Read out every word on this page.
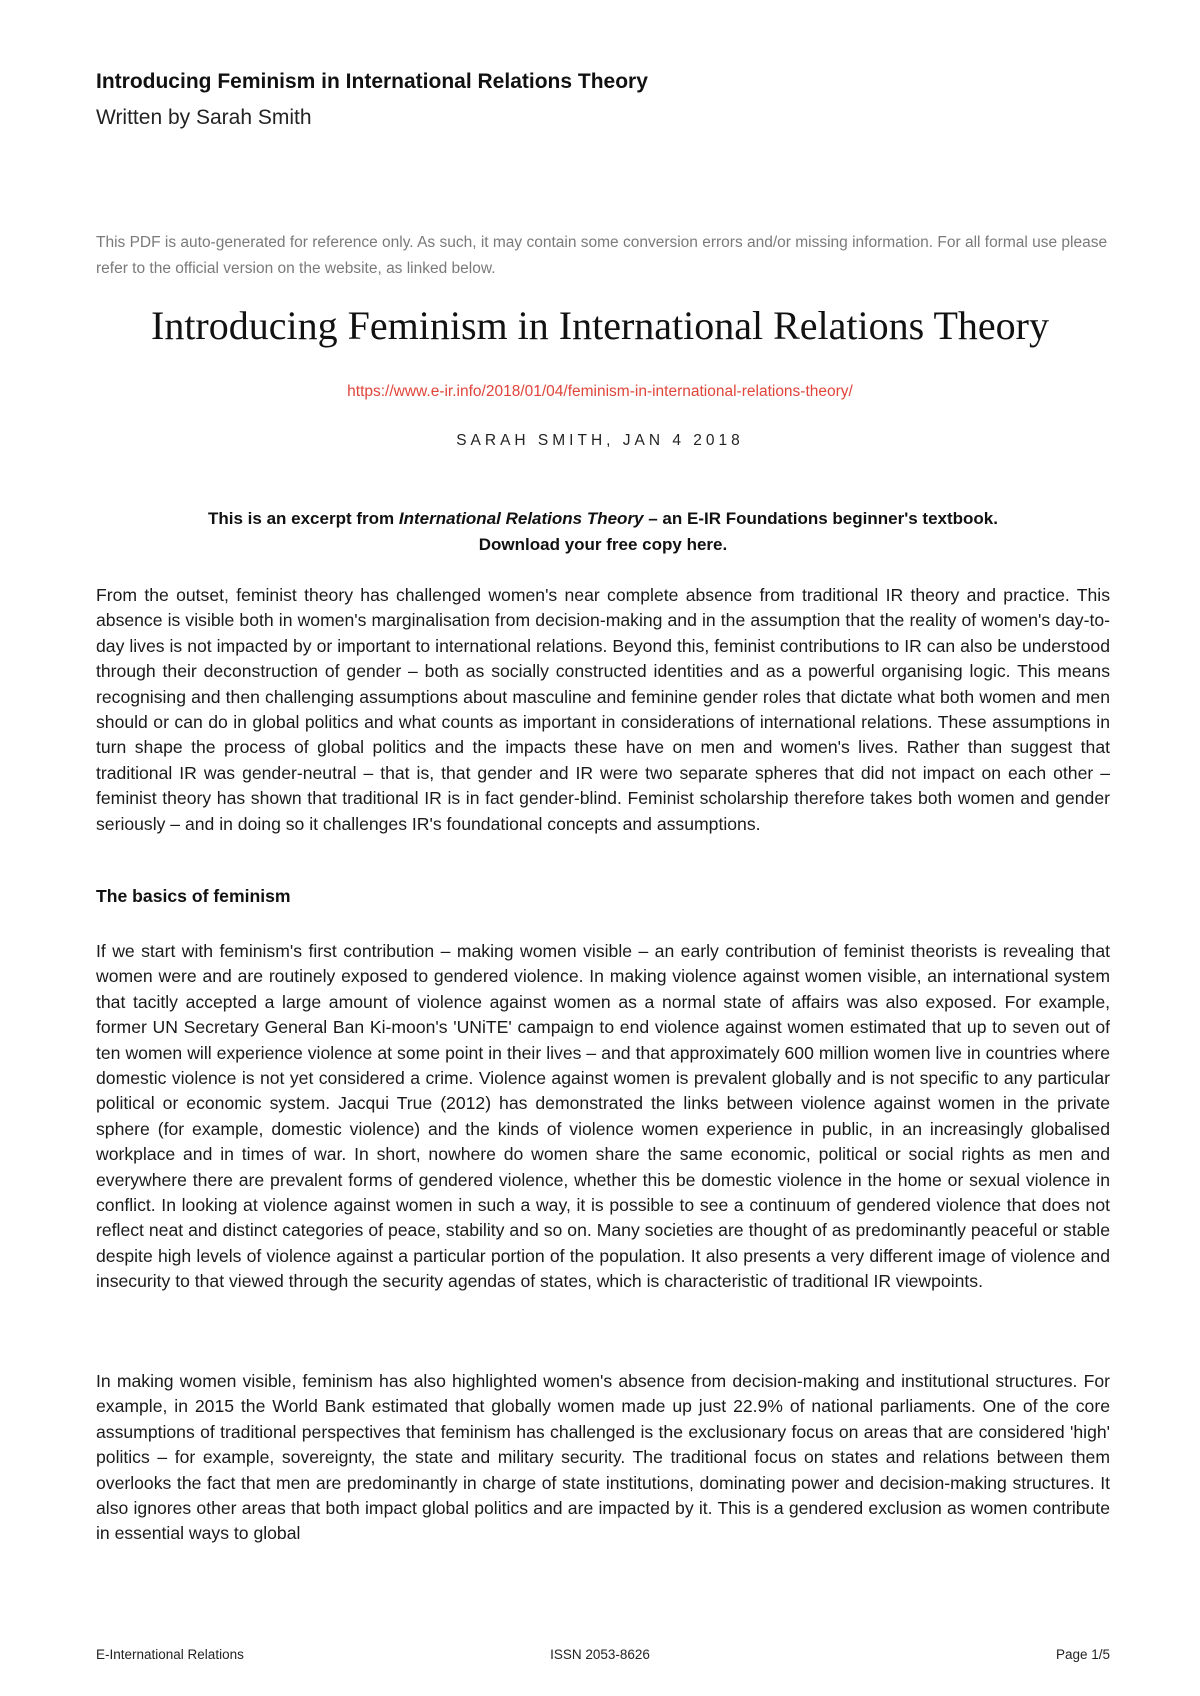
Introducing Feminism in International Relations Theory
Written by Sarah Smith
This PDF is auto-generated for reference only. As such, it may contain some conversion errors and/or missing information. For all formal use please refer to the official version on the website, as linked below.
Introducing Feminism in International Relations Theory
https://www.e-ir.info/2018/01/04/feminism-in-international-relations-theory/
SARAH SMITH, JAN 4 2018
This is an excerpt from International Relations Theory – an E-IR Foundations beginner's textbook.
Download your free copy here.

From the outset, feminist theory has challenged women's near complete absence from traditional IR theory and practice. This absence is visible both in women's marginalisation from decision-making and in the assumption that the reality of women's day-to-day lives is not impacted by or important to international relations. Beyond this, feminist contributions to IR can also be understood through their deconstruction of gender – both as socially constructed identities and as a powerful organising logic. This means recognising and then challenging assumptions about masculine and feminine gender roles that dictate what both women and men should or can do in global politics and what counts as important in considerations of international relations. These assumptions in turn shape the process of global politics and the impacts these have on men and women's lives. Rather than suggest that traditional IR was gender-neutral – that is, that gender and IR were two separate spheres that did not impact on each other – feminist theory has shown that traditional IR is in fact gender-blind. Feminist scholarship therefore takes both women and gender seriously – and in doing so it challenges IR's foundational concepts and assumptions.

The basics of feminism

If we start with feminism's first contribution – making women visible – an early contribution of feminist theorists is revealing that women were and are routinely exposed to gendered violence. In making violence against women visible, an international system that tacitly accepted a large amount of violence against women as a normal state of affairs was also exposed. For example, former UN Secretary General Ban Ki-moon's 'UNiTE' campaign to end violence against women estimated that up to seven out of ten women will experience violence at some point in their lives – and that approximately 600 million women live in countries where domestic violence is not yet considered a crime. Violence against women is prevalent globally and is not specific to any particular political or economic system. Jacqui True (2012) has demonstrated the links between violence against women in the private sphere (for example, domestic violence) and the kinds of violence women experience in public, in an increasingly globalised workplace and in times of war. In short, nowhere do women share the same economic, political or social rights as men and everywhere there are prevalent forms of gendered violence, whether this be domestic violence in the home or sexual violence in conflict. In looking at violence against women in such a way, it is possible to see a continuum of gendered violence that does not reflect neat and distinct categories of peace, stability and so on. Many societies are thought of as predominantly peaceful or stable despite high levels of violence against a particular portion of the population. It also presents a very different image of violence and insecurity to that viewed through the security agendas of states, which is characteristic of traditional IR viewpoints.

In making women visible, feminism has also highlighted women's absence from decision-making and institutional structures. For example, in 2015 the World Bank estimated that globally women made up just 22.9% of national parliaments. One of the core assumptions of traditional perspectives that feminism has challenged is the exclusionary focus on areas that are considered 'high' politics – for example, sovereignty, the state and military security. The traditional focus on states and relations between them overlooks the fact that men are predominantly in charge of state institutions, dominating power and decision-making structures. It also ignores other areas that both impact global politics and are impacted by it. This is a gendered exclusion as women contribute in essential ways to global

E-International Relations	ISSN 2053-8626	Page 1/5
